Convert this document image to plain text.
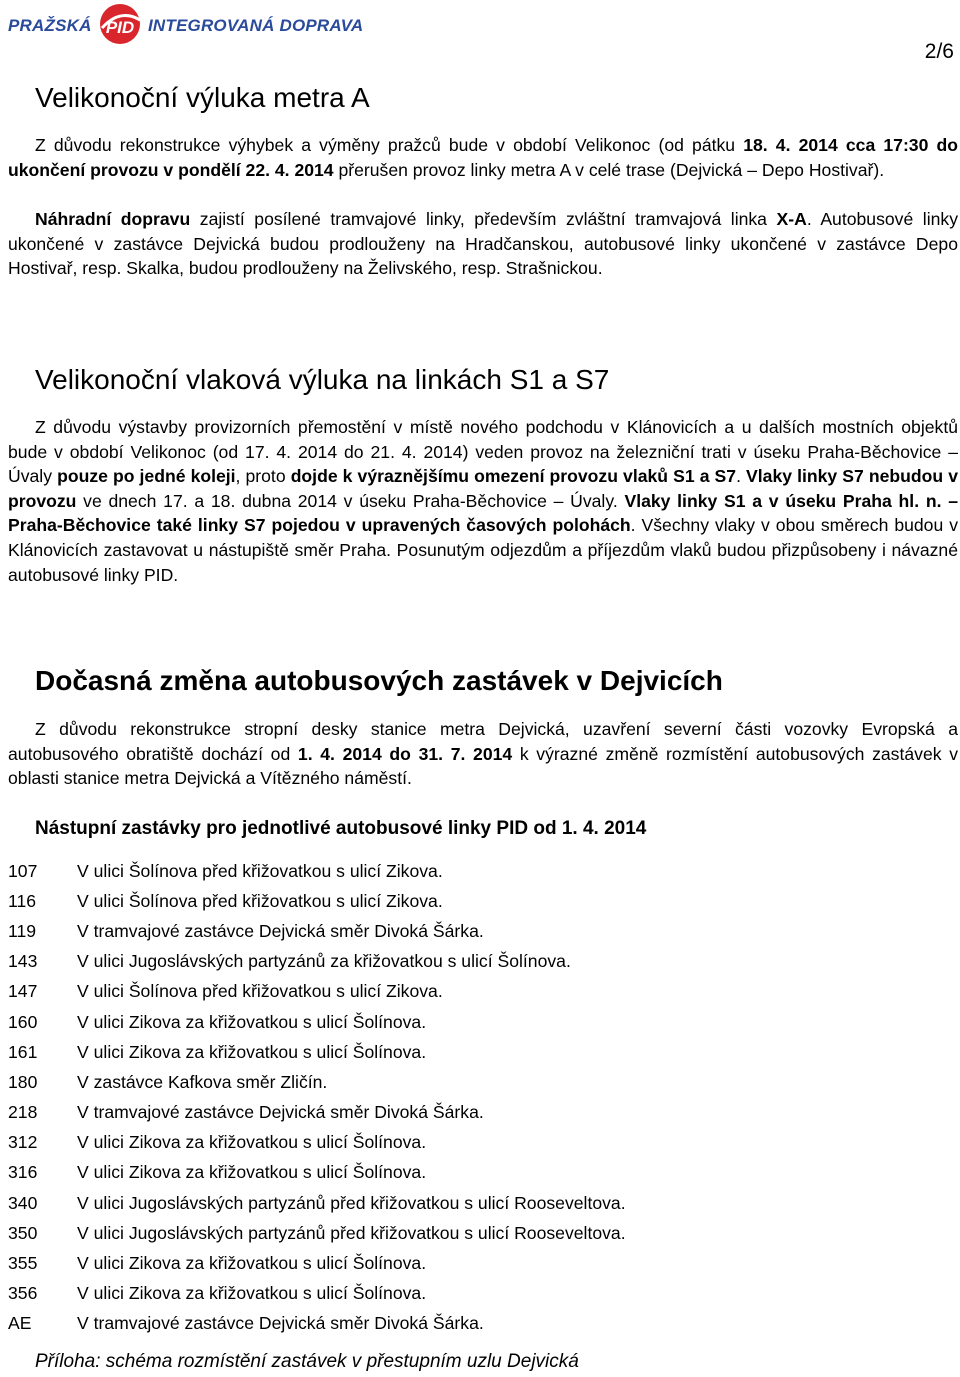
PRAŽSKÁ PID INTEGROVANÁ DOPRAVA
2/6
Velikonoční výluka metra A

Z důvodu rekonstrukce výhybek a výměny pražců bude v období Velikonoc (od pátku 18. 4. 2014 cca 17:30 do ukončení provozu v pondělí 22. 4. 2014 přerušen provoz linky metra A v celé trase (Dejvická – Depo Hostivař).

Náhradní dopravu zajistí posílené tramvajové linky, především zvláštní tramvajová linka X-A. Autobusové linky ukončené v zastávce Dejvická budou prodlouženy na Hradčanskou, autobusové linky ukončené v zastávce Depo Hostivař, resp. Skalka, budou prodlouženy na Želivského, resp. Strašnickou.

Velikonoční vlaková výluka na linkách S1 a S7

Z důvodu výstavby provizorních přemostění v místě nového podchodu v Klánovicích a u dalších mostních objektů bude v období Velikonoc (od 17. 4. 2014 do 21. 4. 2014) veden provoz na železniční trati v úseku Praha-Běchovice – Úvaly pouze po jedné koleji, proto dojde k výraznějšímu omezení provozu vlaků S1 a S7. Vlaky linky S7 nebudou v provozu ve dnech 17. a 18. dubna 2014 v úseku Praha-Běchovice – Úvaly. Vlaky linky S1 a v úseku Praha hl. n. – Praha-Běchovice také linky S7 pojedou v upravených časových polohách. Všechny vlaky v obou směrech budou v Klánovicích zastavovat u nástupiště směr Praha. Posunutým odjezdům a příjezdům vlaků budou přizpůsobeny i návazné autobusové linky PID.

Dočasná změna autobusových zastávek v Dejvicích

Z důvodu rekonstrukce stropní desky stanice metra Dejvická, uzavření severní části vozovky Evropská a autobusového obratiště dochází od 1. 4. 2014 do 31. 7. 2014 k výrazné změně rozmístění autobusových zastávek v oblasti stanice metra Dejvická a Vítězného náměstí.

Nástupní zastávky pro jednotlivé autobusové linky PID od 1. 4. 2014
107	V ulici Šolínova před křižovatkou s ulicí Zikova.
116	V ulici Šolínova před křižovatkou s ulicí Zikova.
119	V tramvajové zastávce Dejvická směr Divoká Šárka.
143	V ulici Jugoslávských partyzánů za křižovatkou s ulicí Šolínova.
147	V ulici Šolínova před křižovatkou s ulicí Zikova.
160	V ulici Zikova za křižovatkou s ulicí Šolínova.
161	V ulici Zikova za křižovatkou s ulicí Šolínova.
180	V zastávce Kafkova směr Zličín.
218	V tramvajové zastávce Dejvická směr Divoká Šárka.
312	V ulici Zikova za křižovatkou s ulicí Šolínova.
316	V ulici Zikova za křižovatkou s ulicí Šolínova.
340	V ulici Jugoslávských partyzánů před křižovatkou s ulicí Rooseveltova.
350	V ulici Jugoslávských partyzánů před křižovatkou s ulicí Rooseveltova.
355	V ulici Zikova za křižovatkou s ulicí Šolínova.
356	V ulici Zikova za křižovatkou s ulicí Šolínova.
AE	V tramvajové zastávce Dejvická směr Divoká Šárka.
Příloha: schéma rozmístění zastávek v přestupním uzlu Dejvická
